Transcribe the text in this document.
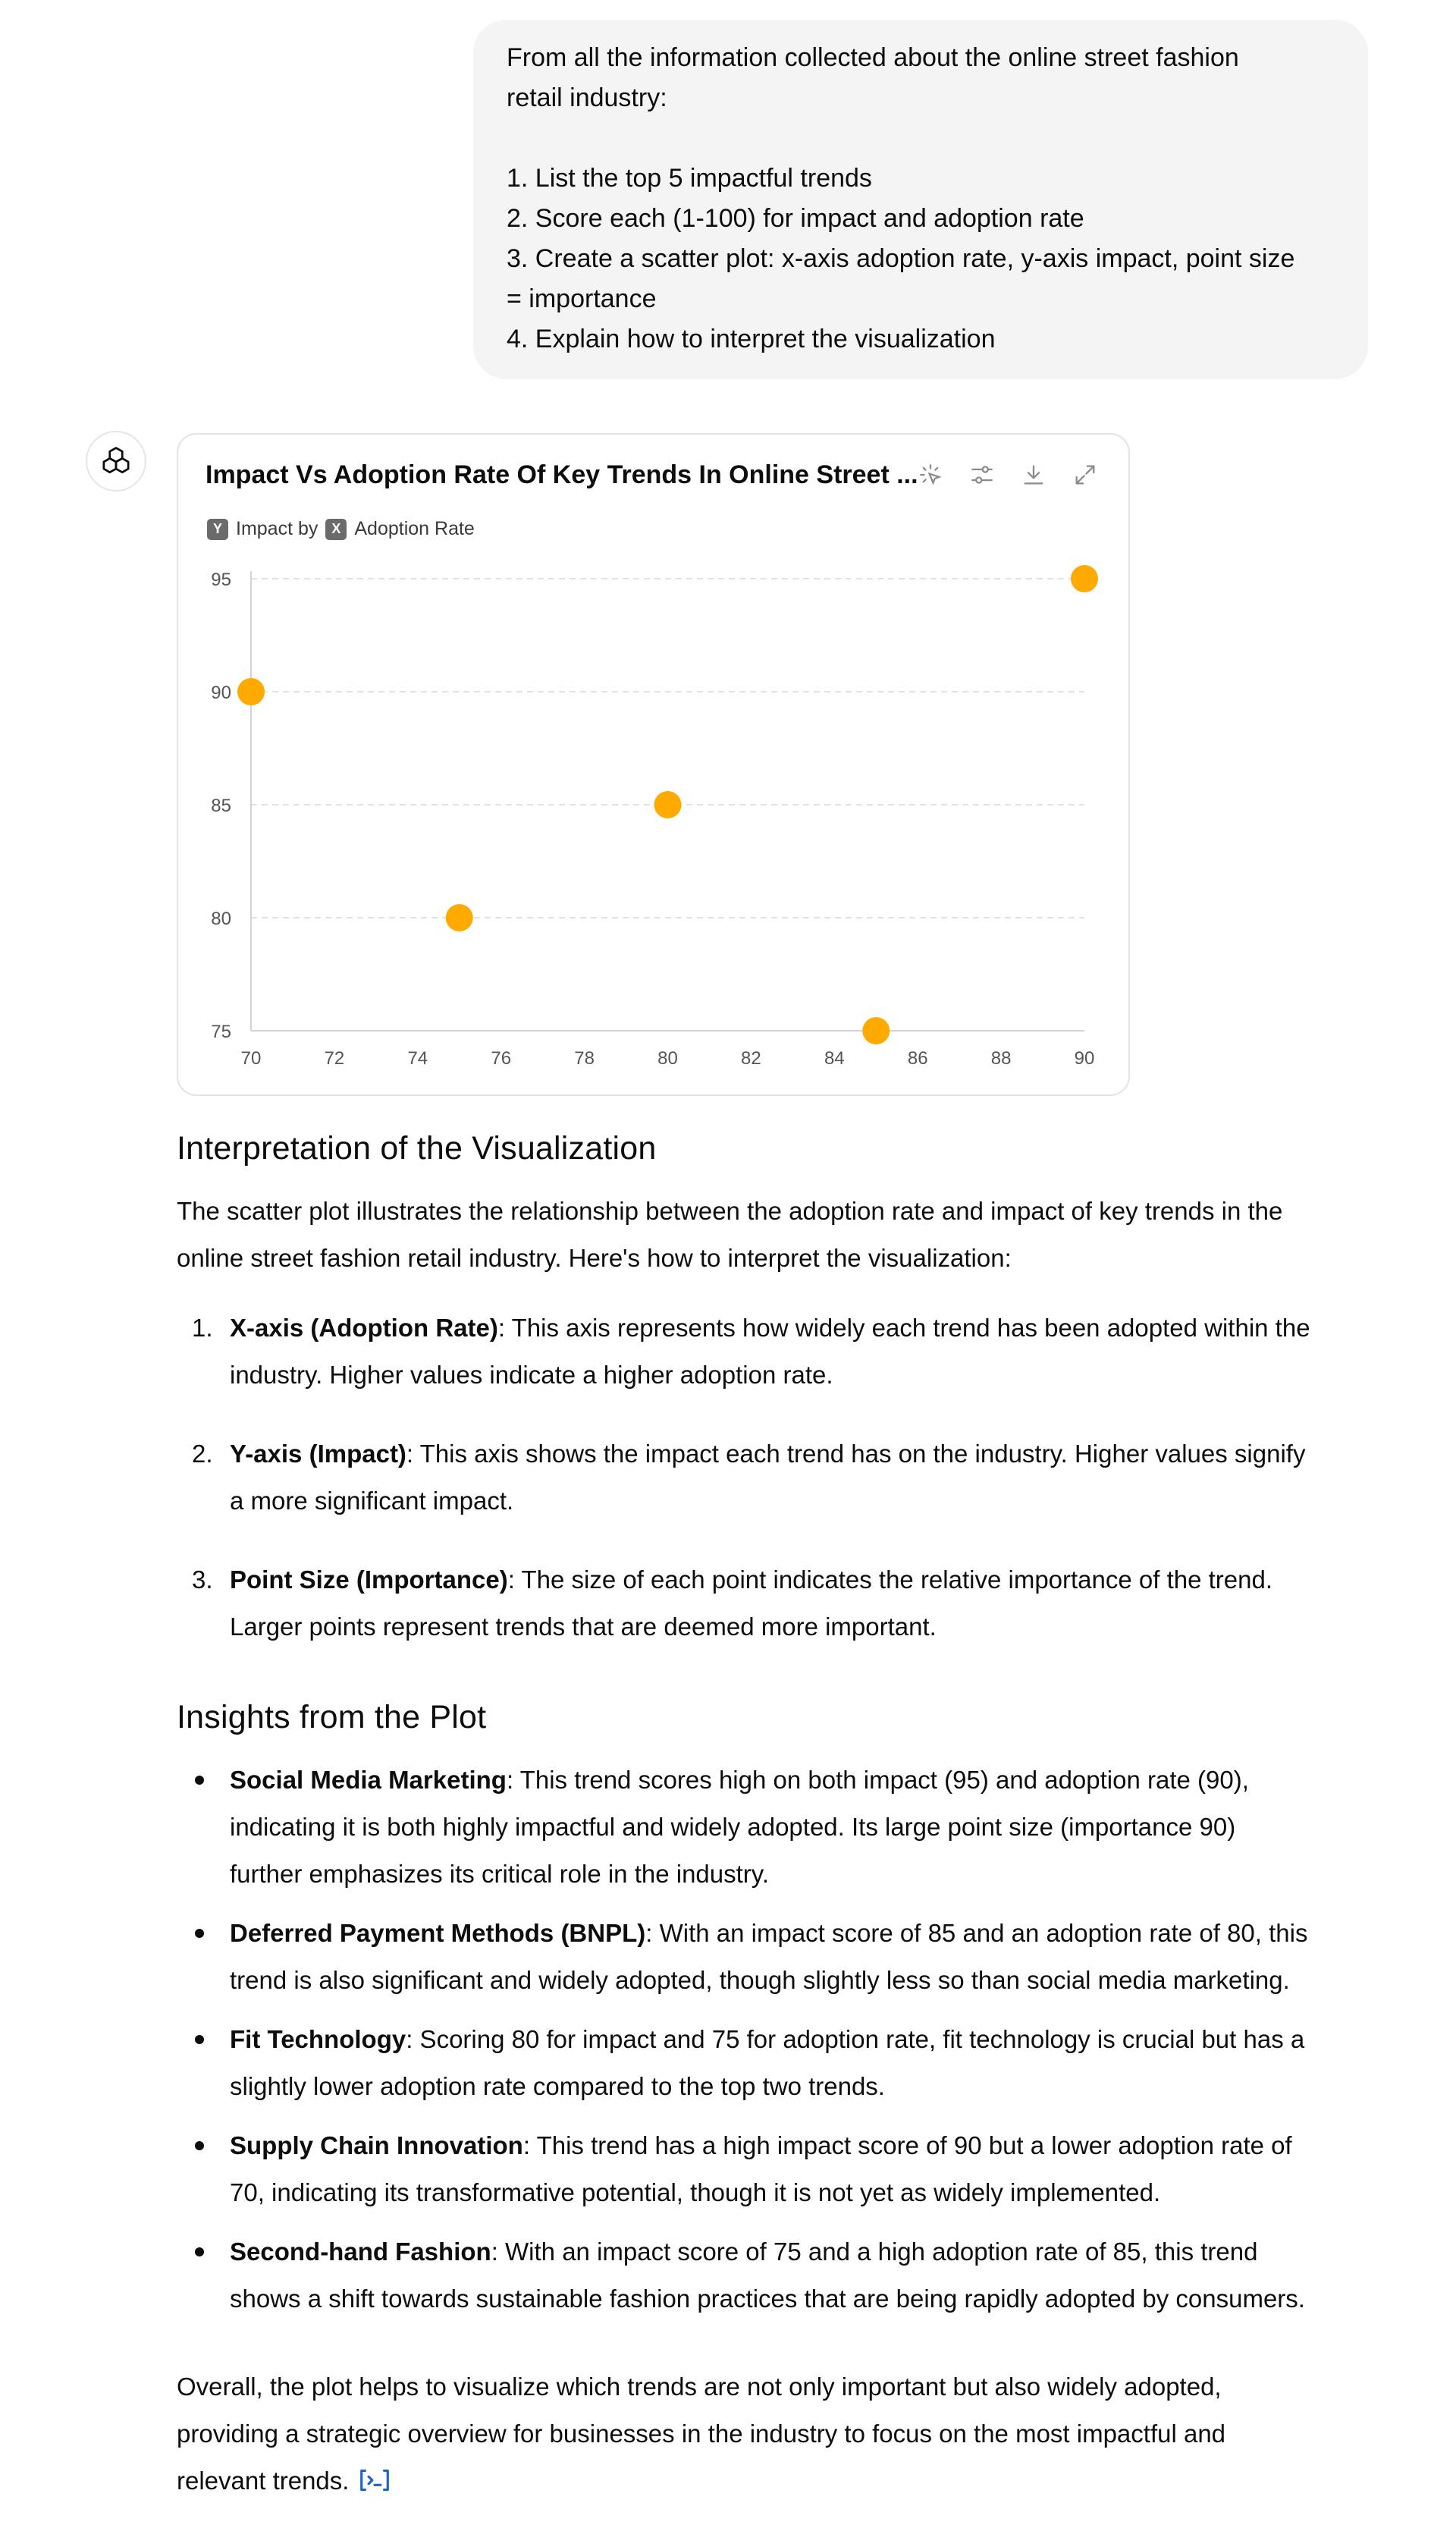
From all the information collected about the online street fashion
retail industry:
1. List the top 5 impactful trends
2. Score each (1-100) for impact and adoption rate
3. Create a scatter plot: x-axis adoption rate, y-axis impact, point size
= importance
4. Explain how to interpret the visualization
Impact Vs Adoption Rate Of Key Trends In Online Street ...
Y Impact by X Adoption Rate
75
80
85
90
95
70	72	74	76	78	80	82	84	86	88	90
Interpretation of the Visualization
The scatter plot illustrates the relationship between the adoption rate and impact of key trends in the
online street fashion retail industry. Here's how to interpret the visualization:
1. X-axis (Adoption Rate): This axis represents how widely each trend has been adopted within the
industry. Higher values indicate a higher adoption rate.
2. Y-axis (Impact): This axis shows the impact each trend has on the industry. Higher values signify
a more significant impact.
3. Point Size (Importance): The size of each point indicates the relative importance of the trend.
Larger points represent trends that are deemed more important.
Insights from the Plot
Social Media Marketing: This trend scores high on both impact (95) and adoption rate (90),
indicating it is both highly impactful and widely adopted. Its large point size (importance 90)
further emphasizes its critical role in the industry.
Deferred Payment Methods (BNPL): With an impact score of 85 and an adoption rate of 80, this
trend is also significant and widely adopted, though slightly less so than social media marketing.
Fit Technology: Scoring 80 for impact and 75 for adoption rate, fit technology is crucial but has a
slightly lower adoption rate compared to the top two trends.
Supply Chain Innovation: This trend has a high impact score of 90 but a lower adoption rate of
70, indicating its transformative potential, though it is not yet as widely implemented.
Second-hand Fashion: With an impact score of 75 and a high adoption rate of 85, this trend
shows a shift towards sustainable fashion practices that are being rapidly adopted by consumers.
Overall, the plot helps to visualize which trends are not only important but also widely adopted,
providing a strategic overview for businesses in the industry to focus on the most impactful and
relevant trends.
